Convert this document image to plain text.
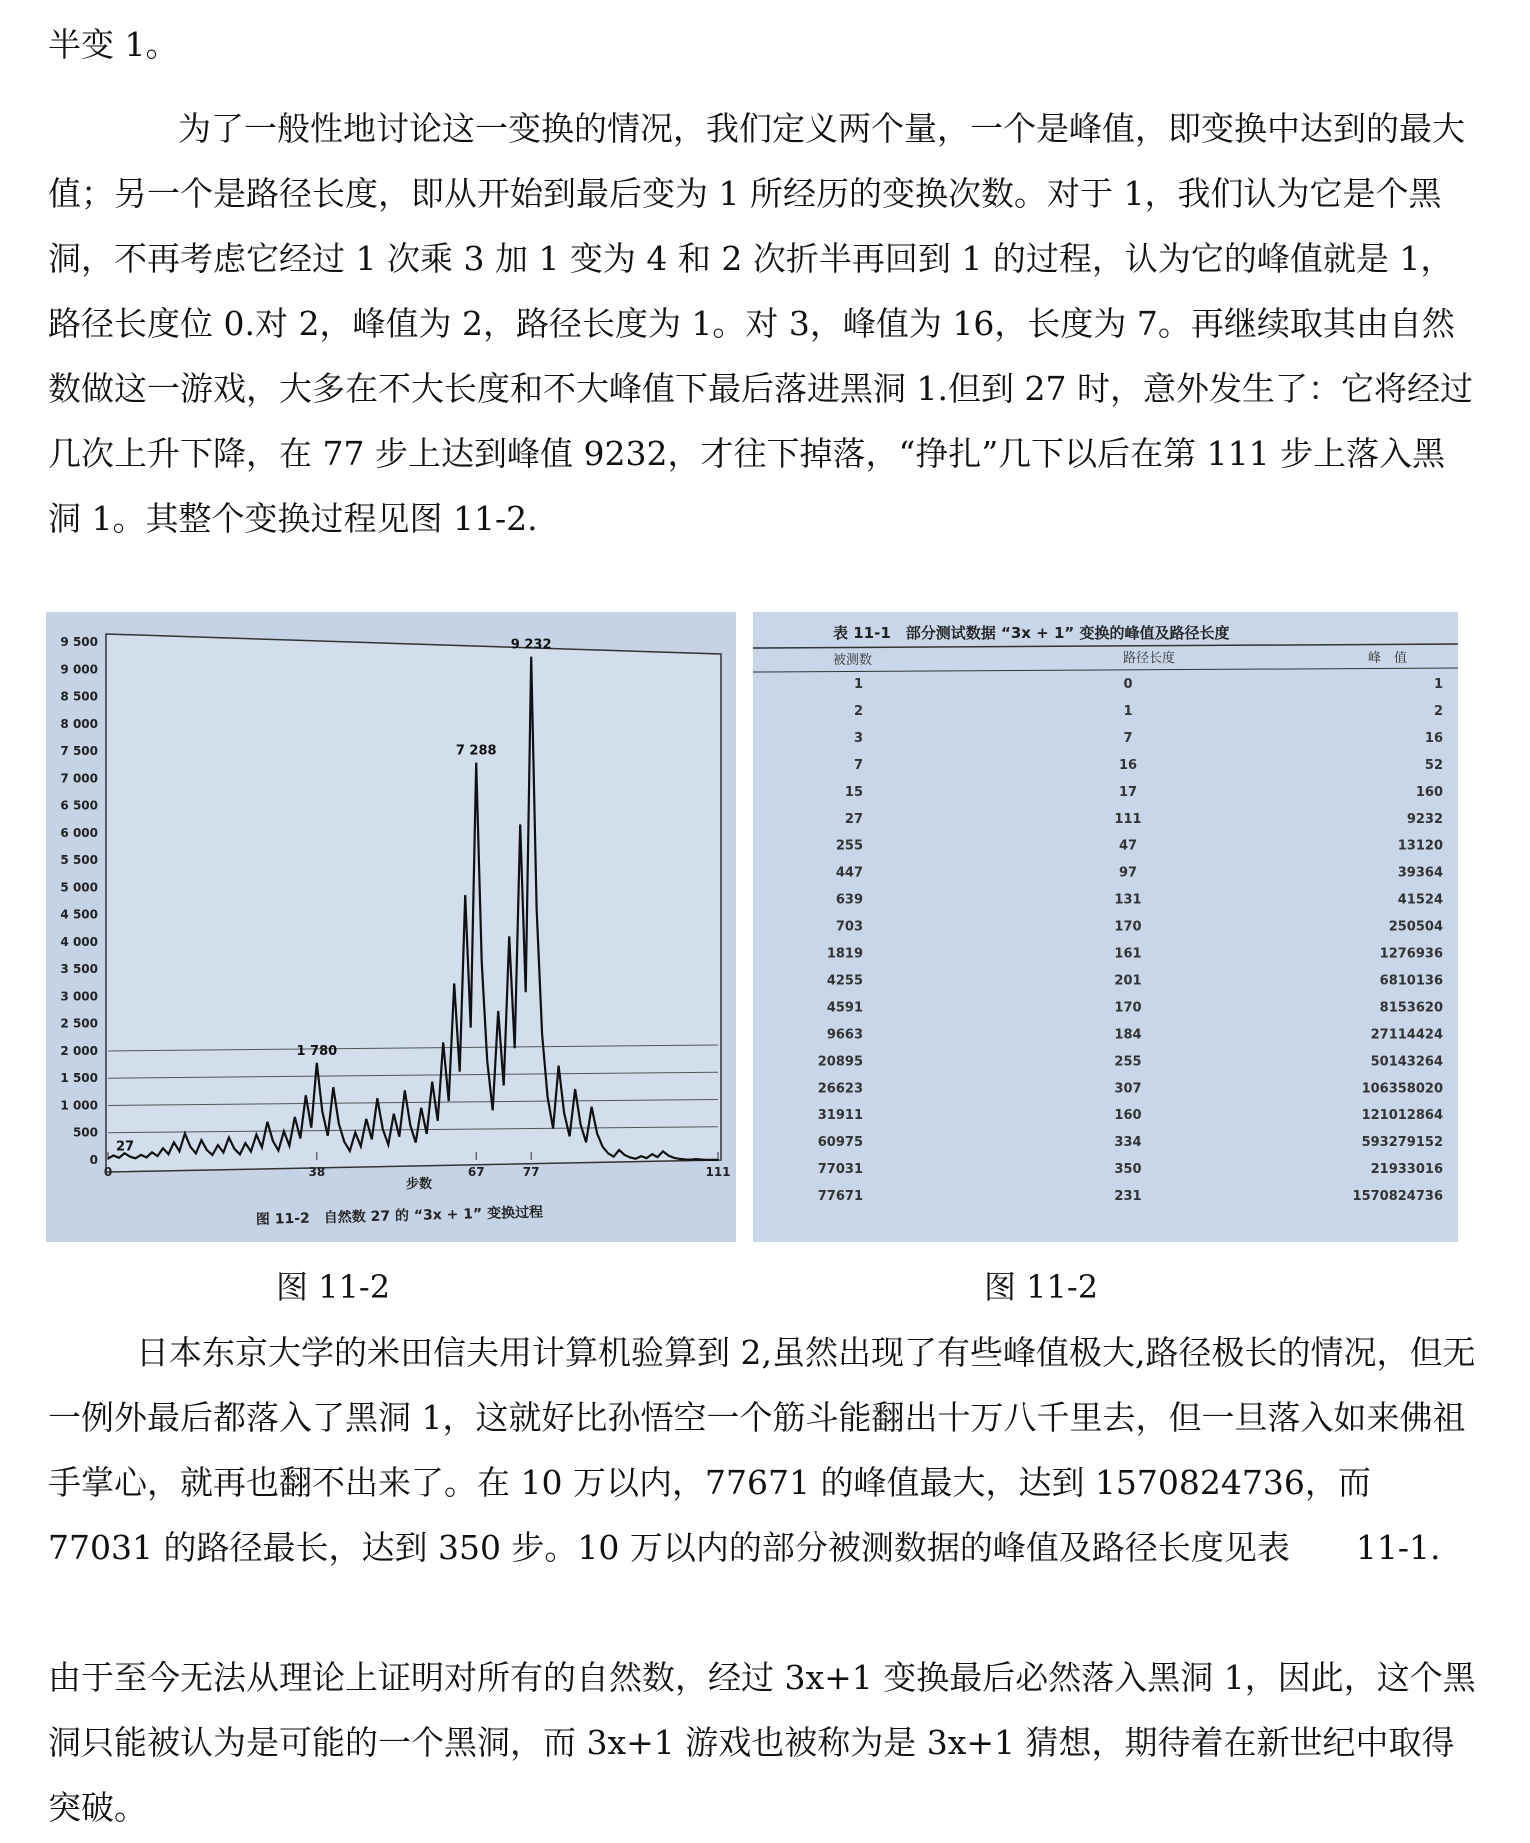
半变 1。

为了一般性地讨论这一变换的情况，我们定义两个量，一个是峰值，即变换中达到的最大值；另一个是路径长度，即从开始到最后变为 1 所经历的变换次数。对于 1，我们认为它是个黑洞，不再考虑它经过 1 次乘 3 加 1 变为 4 和 2 次折半再回到 1 的过程，认为它的峰值就是 1，路径长度位 0.对 2，峰值为 2，路径长度为 1。对 3，峰值为 16，长度为 7。再继续取其由自然数做这一游戏，大多在不大长度和不大峰值下最后落进黑洞 1.但到 27 时，意外发生了：它将经过几次上升下降，在 77 步上达到峰值 9232，才往下掉落，“挣扎”几下以后在第 111 步上落入黑洞 1。其整个变换过程见图 11-2.

0
500
1 000
1 500
2 000
2 500
3 000
3 500
4 000
4 500
5 000
5 500
6 000
6 500
7 000
7 500
8 000
8 500
9 000
9 500
0	38	67	77	111
27
1 780
7 288
9 232
步数
图 11-2　自然数 27 的 “3x + 1” 变换过程
表 11-1　部分测试数据 “3x + 1” 变换的峰值及路径长度
被测数	路径长度	峰　值
1	0	1
2	1	2
3	7	16
7	16	52
15	17	160
27	111	9232
255	47	13120
447	97	39364
639	131	41524
703	170	250504
1819	161	1276936
4255	201	6810136
4591	170	8153620
9663	184	27114424
20895	255	50143264
26623	307	106358020
31911	160	121012864
60975	334	593279152
77031	350	21933016
77671	231	1570824736
图 11-2	图 11-2

日本东京大学的米田信夫用计算机验算到 2,虽然出现了有些峰值极大,路径极长的情况，但无一例外最后都落入了黑洞 1，这就好比孙悟空一个筋斗能翻出十万八千里去，但一旦落入如来佛祖手掌心，就再也翻不出来了。在 10 万以内，77671 的峰值最大，达到 1570824736，而 77031 的路径最长，达到 350 步。10 万以内的部分被测数据的峰值及路径长度见表　　11-1.

由于至今无法从理论上证明对所有的自然数，经过 3x+1 变换最后必然落入黑洞 1，因此，这个黑洞只能被认为是可能的一个黑洞，而 3x+1 游戏也被称为是 3x+1 猜想，期待着在新世纪中取得突破。
